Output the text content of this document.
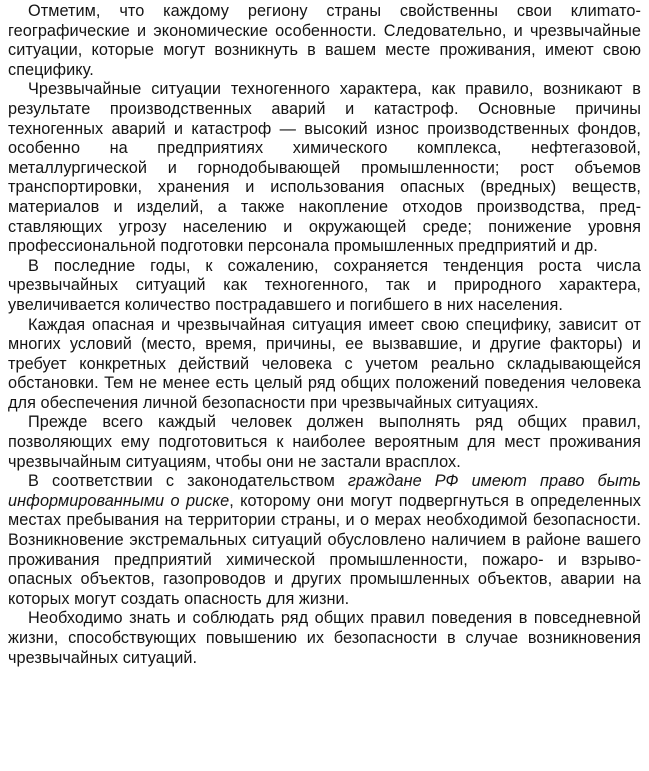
Отметим, что каждому региону страны свойственны свои клиmато-географические и экономические особенности. Следовательно, и чрезвычайные ситуации, которые могут возникнуть в вашем месте проживания, имеют свою специфику.

Чрезвычайные ситуации техногенного характера, как правило, возникают в результате производственных аварий и катастроф. Основные причины техногенных аварий и катастроф — высокий износ производственных фондов, особенно на предприятиях химического комплекса, нефтегазовой, металлургической и горнодобывающей промышленности; рост объемов транспортировки, хранения и использования опасных (вредных) веществ, материалов и изделий, а также накопление отходов производства, представляющих угрозу населению и окружающей среде; понижение уровня профессиональной подготовки персонала промышленных предприятий и др.

В последние годы, к сожалению, сохраняется тенденция роста числа чрезвычайных ситуаций как техногенного, так и природного характера, увеличивается количество пострадавшего и погибшего в них населения.

Каждая опасная и чрезвычайная ситуация имеет свою специфику, зависит от многих условий (место, время, причины, ее вызвавшие, и другие факторы) и требует конкретных действий человека с учетом реально складывающейся обстановки. Тем не менее есть целый ряд общих положений поведения человека для обеспечения личной безопасности при чрезвычайных ситуациях.

Прежде всего каждый человек должен выполнять ряд общих правил, позволяющих ему подготовиться к наиболее вероятным для мест проживания чрезвычайным ситуациям, чтобы они не застали врасплох.

В соответствии с законодательством граждане РФ имеют право быть информированными о риске, которому они могут подвергнуться в определенных местах пребывания на территории страны, и о мерах необходимой безопасности. Возникновение экстремальных ситуаций обусловлено наличием в районе вашего проживания предприятий химической промышленности, пожаро- и взрывоопасных объектов, газопроводов и других промышленных объектов, аварии на которых могут создать опасность для жизни.

Необходимо знать и соблюдать ряд общих правил поведения в повседневной жизни, способствующих повышению их безопасности в случае возникновения чрезвычайных ситуаций.
